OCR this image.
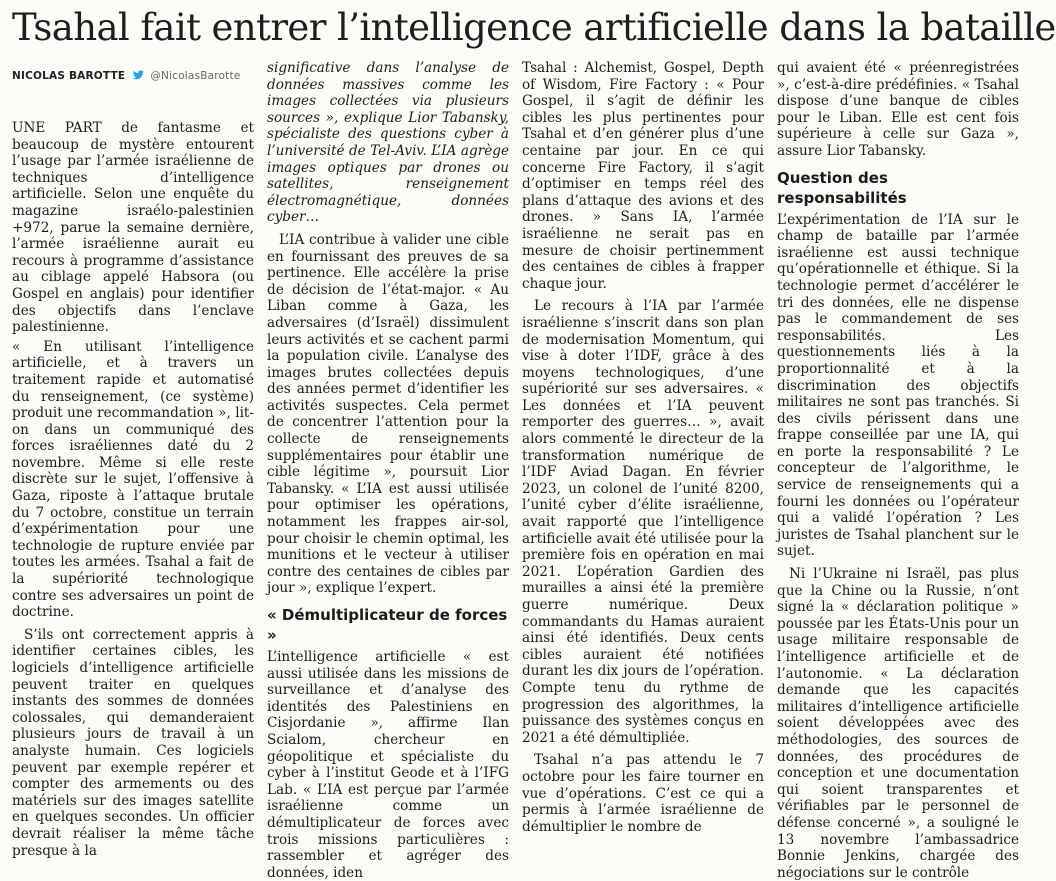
Tsahal fait entrer l’intelligence artificielle dans la bataille
NICOLAS BAROTTE @NicolasBarotte

UNE PART de fantasme et beaucoup de mystère entourent l’usage par l’armée israélienne de techniques d’intelligence artificielle. Selon une enquête du magazine israélo-palestinien +972, parue la semaine dernière, l’armée israélienne aurait eu recours à programme d’assistance au ciblage appelé Habsora (ou Gospel en anglais) pour identifier des objectifs dans l’enclave palestinienne.

« En utilisant l’intelligence artificielle, et à travers un traitement rapide et automatisé du renseignement, (ce système) produit une recommandation », lit-on dans un communiqué des forces israéliennes daté du 2 novembre. Même si elle reste discrète sur le sujet, l’offensive à Gaza, riposte à l’attaque brutale du 7 octobre, constitue un terrain d’expérimentation pour une technologie de rupture enviée par toutes les armées. Tsahal a fait de la supériorité technologique contre ses adversaires un point de doctrine.

S’ils ont correctement appris à identifier certaines cibles, les logiciels d’intelligence artificielle peuvent traiter en quelques instants des sommes de données colossales, qui demanderaient plusieurs jours de travail à un analyste humain. Ces logiciels peuvent par exemple repérer et compter des armements ou des matériels sur des images satellite en quelques secondes. Un officier devrait réaliser la même tâche presque à la

significative dans l’analyse de données massives comme les images collectées via plusieurs sources », explique Lior Tabansky, spécialiste des questions cyber à l’université de Tel-Aviv. L’IA agrège images optiques par drones ou satellites, renseignement électromagnétique, données cyber…

L’IA contribue à valider une cible en fournissant des preuves de sa pertinence. Elle accélère la prise de décision de l’état-major. « Au Liban comme à Gaza, les adversaires (d’Israël) dissimulent leurs activités et se cachent parmi la population civile. L’analyse des images brutes collectées depuis des années permet d’identifier les activités suspectes. Cela permet de concentrer l’attention pour la collecte de renseignements supplémentaires pour établir une cible légitime », poursuit Lior Tabansky. « L’IA est aussi utilisée pour optimiser les opérations, notamment les frappes air-sol, pour choisir le chemin optimal, les munitions et le vecteur à utiliser contre des centaines de cibles par jour », explique l’expert.

« Démultiplicateur de forces »

L’intelligence artificielle « est aussi utilisée dans les missions de surveillance et d’analyse des identités des Palestiniens en Cisjordanie », affirme Ilan Scialom, chercheur en géopolitique et spécialiste du cyber à l’institut Geode et à l’IFG Lab. « L’IA est perçue par l’armée israélienne comme un démultiplicateur de forces avec trois missions particulières : rassembler et agréger des données, iden

Tsahal : Alchemist, Gospel, Depth of Wisdom, Fire Factory : « Pour Gospel, il s’agit de définir les cibles les plus pertinentes pour Tsahal et d’en générer plus d’une centaine par jour. En ce qui concerne Fire Factory, il s’agit d’optimiser en temps réel des plans d’attaque des avions et des drones. » Sans IA, l’armée israélienne ne serait pas en mesure de choisir pertinemment des centaines de cibles à frapper chaque jour.

Le recours à l’IA par l’armée israélienne s’inscrit dans son plan de modernisation Momentum, qui vise à doter l’IDF, grâce à des moyens technologiques, d’une supériorité sur ses adversaires. « Les données et l’IA peuvent remporter des guerres… », avait alors commenté le directeur de la transformation numérique de l’IDF Aviad Dagan. En février 2023, un colonel de l’unité 8200, l’unité cyber d’élite israélienne, avait rapporté que l’intelligence artificielle avait été utilisée pour la première fois en opération en mai 2021. L’opération Gardien des murailles a ainsi été la première guerre numérique. Deux commandants du Hamas auraient ainsi été identifiés. Deux cents cibles auraient été notifiées durant les dix jours de l’opération. Compte tenu du rythme de progression des algorithmes, la puissance des systèmes conçus en 2021 a été démultipliée.

Tsahal n’a pas attendu le 7 octobre pour les faire tourner en vue d’opérations. C’est ce qui a permis à l’armée israélienne de démultiplier le nombre de

qui avaient été « préenregistrées », c’est-à-dire prédéfinies. « Tsahal dispose d’une banque de cibles pour le Liban. Elle est cent fois supérieure à celle sur Gaza », assure Lior Tabansky.

Question des responsabilités

L’expérimentation de l’IA sur le champ de bataille par l’armée israélienne est aussi technique qu’opérationnelle et éthique. Si la technologie permet d’accélérer le tri des données, elle ne dispense pas le commandement de ses responsabilités. Les questionnements liés à la proportionnalité et à la discrimination des objectifs militaires ne sont pas tranchés. Si des civils périssent dans une frappe conseillée par une IA, qui en porte la responsabilité ? Le concepteur de l’algorithme, le service de renseignements qui a fourni les données ou l’opérateur qui a validé l’opération ? Les juristes de Tsahal planchent sur le sujet.

Ni l’Ukraine ni Israël, pas plus que la Chine ou la Russie, n’ont signé la « déclaration politique » poussée par les États-Unis pour un usage militaire responsable de l’intelligence artificielle et de l’autonomie. « La déclaration demande que les capacités militaires d’intelligence artificielle soient développées avec des méthodologies, des sources de données, des procédures de conception et une documentation qui soient transparentes et vérifiables par le personnel de défense concerné », a souligné le 13 novembre l’ambassadrice Bonnie Jenkins, chargée des négociations sur le contrôle
